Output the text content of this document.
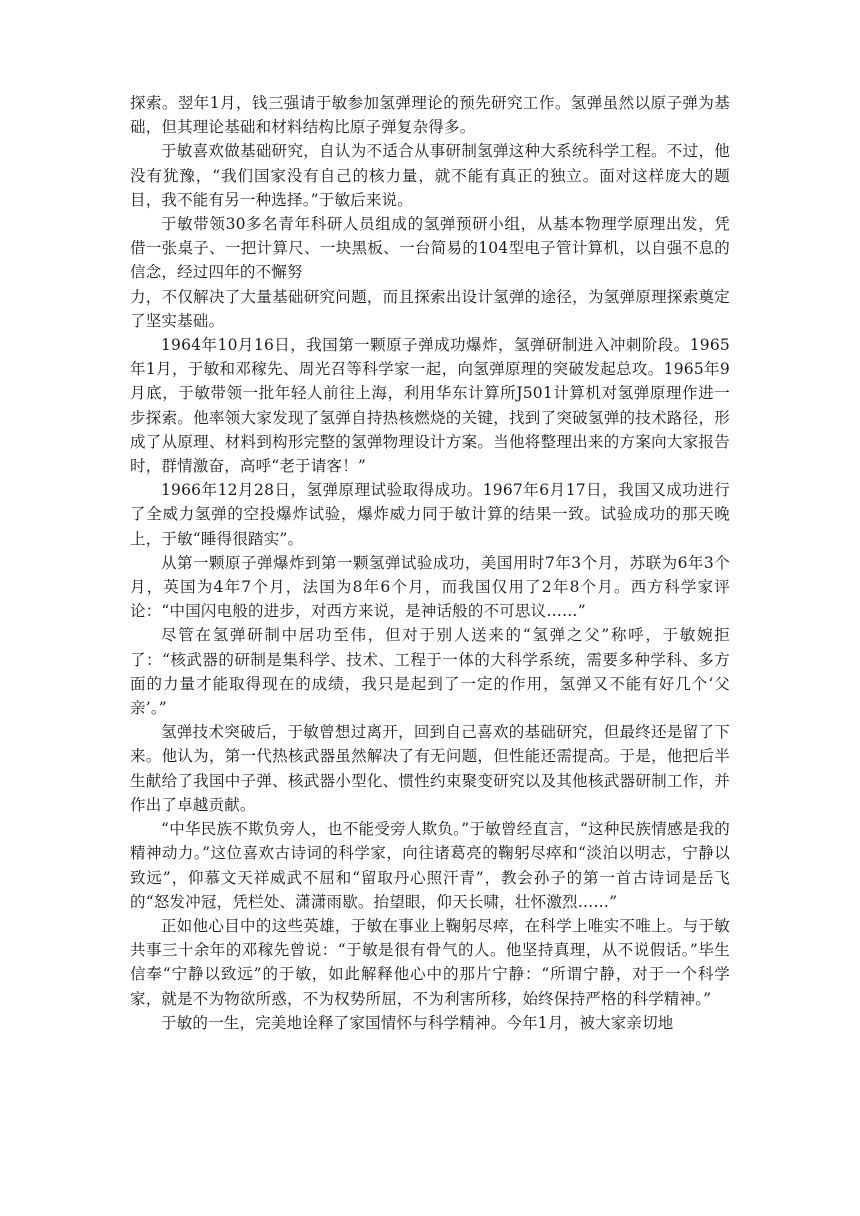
探索。翌年1月，钱三强请于敏参加氢弹理论的预先研究工作。氢弹虽然以原子弹为基础，但其理论基础和材料结构比原子弹复杂得多。

于敏喜欢做基础研究，自认为不适合从事研制氢弹这种大系统科学工程。不过，他没有犹豫，“我们国家没有自己的核力量，就不能有真正的独立。面对这样庞大的题目，我不能有另一种选择。”于敏后来说。

于敏带领30多名青年科研人员组成的氢弹预研小组，从基本物理学原理出发，凭借一张桌子、一把计算尺、一块黑板、一台简易的104型电子管计算机，以自强不息的信念，经过四年的不懈努

力，不仅解决了大量基础研究问题，而且探索出设计氢弹的途径，为氢弹原理探索奠定了坚实基础。

1964年10月16日，我国第一颗原子弹成功爆炸，氢弹研制进入冲刺阶段。1965年1月，于敏和邓稼先、周光召等科学家一起，向氢弹原理的突破发起总攻。1965年9月底，于敏带领一批年轻人前往上海，利用华东计算所J501计算机对氢弹原理作进一步探索。他率领大家发现了氢弹自持热核燃烧的关键，找到了突破氢弹的技术路径，形成了从原理、材料到构形完整的氢弹物理设计方案。当他将整理出来的方案向大家报告时，群情激奋，高呼“老于请客！”

1966年12月28日，氢弹原理试验取得成功。1967年6月17日，我国又成功进行了全威力氢弹的空投爆炸试验，爆炸威力同于敏计算的结果一致。试验成功的那天晚上，于敏“睡得很踏实”。

从第一颗原子弹爆炸到第一颗氢弹试验成功，美国用时7年3个月，苏联为6年3个月，英国为4年7个月，法国为8年6个月，而我国仅用了2年8个月。西方科学家评论：“中国闪电般的进步，对西方来说，是神话般的不可思议……”

尽管在氢弹研制中居功至伟，但对于别人送来的“氢弹之父”称呼，于敏婉拒了：“核武器的研制是集科学、技术、工程于一体的大科学系统，需要多种学科、多方面的力量才能取得现在的成绩，我只是起到了一定的作用，氢弹又不能有好几个‘父亲’。”

氢弹技术突破后，于敏曾想过离开，回到自己喜欢的基础研究，但最终还是留了下来。他认为，第一代热核武器虽然解决了有无问题，但性能还需提高。于是，他把后半生献给了我国中子弹、核武器小型化、惯性约束聚变研究以及其他核武器研制工作，并作出了卓越贡献。

“中华民族不欺负旁人，也不能受旁人欺负。”于敏曾经直言，“这种民族情感是我的精神动力。”这位喜欢古诗词的科学家，向往诸葛亮的鞠躬尽瘁和“淡泊以明志，宁静以致远”，仰慕文天祥威武不屈和“留取丹心照汗青”，教会孙子的第一首古诗词是岳飞的“怒发冲冠，凭栏处、潇潇雨歇。抬望眼，仰天长啸，壮怀激烈……”

正如他心目中的这些英雄，于敏在事业上鞠躬尽瘁，在科学上唯实不唯上。与于敏共事三十余年的邓稼先曾说：“于敏是很有骨气的人。他坚持真理，从不说假话。”毕生信奉“宁静以致远”的于敏，如此解释他心中的那片宁静：“所谓宁静，对于一个科学家，就是不为物欲所惑，不为权势所屈，不为利害所移，始终保持严格的科学精神。”

于敏的一生，完美地诠释了家国情怀与科学精神。今年1月，被大家亲切地
